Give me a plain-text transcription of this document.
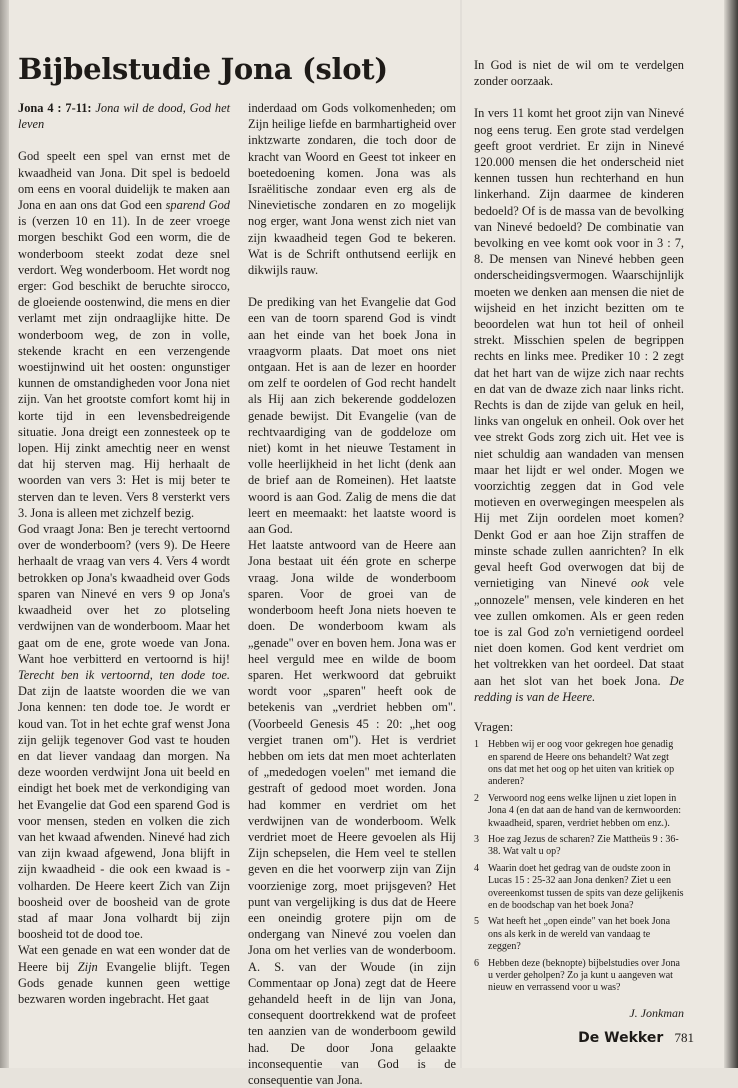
Bijbelstudie Jona (slot)

Jona 4 : 7-11: Jona wil de dood, God het leven

God speelt een spel van ernst met de kwaadheid van Jona. Dit spel is bedoeld om eens en vooral duidelijk te maken aan Jona en aan ons dat God een sparend God is (verzen 10 en 11). In de zeer vroege morgen beschikt God een worm, die de wonderboom steekt zodat deze snel verdort. Weg wonderboom. Het wordt nog erger: God beschikt de beruchte sirocco, de gloeiende oostenwind, die mens en dier verlamt met zijn ondraaglijke hitte. De wonderboom weg, de zon in volle, stekende kracht en een verzengende woestijnwind uit het oosten: ongunstiger kunnen de omstandigheden voor Jona niet zijn. Van het grootste comfort komt hij in korte tijd in een levensbedreigende situatie. Jona dreigt een zonnesteek op te lopen. Hij zinkt amechtig neer en wenst dat hij sterven mag. Hij herhaalt de woorden van vers 3: Het is mij beter te sterven dan te leven. Vers 8 versterkt vers 3. Jona is alleen met zichzelf bezig.

God vraagt Jona: Ben je terecht vertoornd over de wonderboom? (vers 9). De Heere herhaalt de vraag van vers 4. Vers 4 wordt betrokken op Jona's kwaadheid over Gods sparen van Ninevé en vers 9 op Jona's kwaadheid over het zo plotseling verdwijnen van de wonderboom. Maar het gaat om de ene, grote woede van Jona. Want hoe verbitterd en vertoornd is hij! Terecht ben ik vertoornd, ten dode toe. Dat zijn de laatste woorden die we van Jona kennen: ten dode toe. Je wordt er koud van. Tot in het echte graf wenst Jona zijn gelijk tegenover God vast te houden en dat liever vandaag dan morgen. Na deze woorden verdwijnt Jona uit beeld en eindigt het boek met de verkondiging van het Evangelie dat God een sparend God is voor mensen, steden en volken die zich van het kwaad afwenden. Ninevé had zich van zijn kwaad afgewend, Jona blijft in zijn kwaadheid - die ook een kwaad is - volharden. De Heere keert Zich van Zijn boosheid over de boosheid van de grote stad af maar Jona volhardt bij zijn boosheid tot de dood toe.

Wat een genade en wat een wonder dat de Heere bij Zijn Evangelie blijft. Tegen Gods genade kunnen geen wettige bezwaren worden ingebracht. Het gaat

inderdaad om Gods volkomenheden; om Zijn heilige liefde en barmhartigheid over inktzwarte zondaren, die toch door de kracht van Woord en Geest tot inkeer en boetedoening komen. Jona was als Israëlitische zondaar even erg als de Ninevietische zondaren en zo mogelijk nog erger, want Jona wenst zich niet van zijn kwaadheid tegen God te bekeren. Wat is de Schrift onthutsend eerlijk en dikwijls rauw.

De prediking van het Evangelie dat God een van de toorn sparend God is vindt aan het einde van het boek Jona in vraagvorm plaats. Dat moet ons niet ontgaan. Het is aan de lezer en hoorder om zelf te oordelen of God recht handelt als Hij aan zich bekerende goddelozen genade bewijst. Dit Evangelie (van de rechtvaardiging van de goddeloze om niet) komt in het nieuwe Testament in volle heerlijkheid in het licht (denk aan de brief aan de Romeinen). Het laatste woord is aan God. Zalig de mens die dat leert en meemaakt: het laatste woord is aan God.

Het laatste antwoord van de Heere aan Jona bestaat uit één grote en scherpe vraag. Jona wilde de wonderboom sparen. Voor de groei van de wonderboom heeft Jona niets hoeven te doen. De wonderboom kwam als „genade" over en boven hem. Jona was er heel verguld mee en wilde de boom sparen. Het werkwoord dat gebruikt wordt voor „sparen" heeft ook de betekenis van „verdriet hebben om". (Voorbeeld Genesis 45 : 20: „het oog vergiet tranen om"). Het is verdriet hebben om iets dat men moet achterlaten of „mededogen voelen" met iemand die gestraft of gedood moet worden. Jona had kommer en verdriet om het verdwijnen van de wonderboom. Welk verdriet moet de Heere gevoelen als Hij Zijn schepselen, die Hem veel te stellen geven en die het voorwerp zijn van Zijn voorzienige zorg, moet prijsgeven? Het punt van vergelijking is dus dat de Heere een oneindig grotere pijn om de ondergang van Ninevé zou voelen dan Jona om het verlies van de wonderboom. A. S. van der Woude (in zijn Commentaar op Jona) zegt dat de Heere gehandeld heeft in de lijn van Jona, consequent doortrekkend wat de profeet ten aanzien van de wonderboom gewild had. De door Jona gelaakte inconsequentie van God is de consequentie van Jona.

In God is niet de wil om te verdelgen zonder oorzaak.

In vers 11 komt het groot zijn van Ninevé nog eens terug. Een grote stad verdelgen geeft groot verdriet. Er zijn in Ninevé 120.000 mensen die het onderscheid niet kennen tussen hun rechterhand en hun linkerhand. Zijn daarmee de kinderen bedoeld? Of is de massa van de bevolking van Ninevé bedoeld? De combinatie van bevolking en vee komt ook voor in 3 : 7, 8. De mensen van Ninevé hebben geen onderscheidingsvermogen. Waarschijnlijk moeten we denken aan mensen die niet de wijsheid en het inzicht bezitten om te beoordelen wat hun tot heil of onheil strekt. Misschien spelen de begrippen rechts en links mee. Prediker 10 : 2 zegt dat het hart van de wijze zich naar rechts en dat van de dwaze zich naar links richt. Rechts is dan de zijde van geluk en heil, links van ongeluk en onheil. Ook over het vee strekt Gods zorg zich uit. Het vee is niet schuldig aan wandaden van mensen maar het lijdt er wel onder. Mogen we voorzichtig zeggen dat in God vele motieven en overwegingen meespelen als Hij met Zijn oordelen moet komen? Denkt God er aan hoe Zijn straffen de minste schade zullen aanrichten? In elk geval heeft God overwogen dat bij de vernietiging van Ninevé ook vele „onnozele" mensen, vele kinderen en het vee zullen omkomen. Als er geen reden toe is zal God zo'n vernietigend oordeel niet doen komen. God kent verdriet om het voltrekken van het oordeel. Dat staat aan het slot van het boek Jona. De redding is van de Heere.

Vragen:

1 Hebben wij er oog voor gekregen hoe genadig en sparend de Heere ons behandelt? Wat zegt ons dat met het oog op het uiten van kritiek op anderen?
2 Verwoord nog eens welke lijnen u ziet lopen in Jona 4 (en dat aan de hand van de kernwoorden: kwaadheid, sparen, verdriet hebben om enz.).
3 Hoe zag Jezus de scharen? Zie Mattheüs 9 : 36-38. Wat valt u op?
4 Waarin doet het gedrag van de oudste zoon in Lucas 15 : 25-32 aan Jona denken? Ziet u een overeenkomst tussen de spits van deze gelijkenis en de boodschap van het boek Jona?
5 Wat heeft het „open einde" van het boek Jona ons als kerk in de wereld van vandaag te zeggen?
6 Hebben deze (beknopte) bijbelstudies over Jona u verder geholpen? Zo ja kunt u aangeven wat nieuw en verrassend voor u was?

J. Jonkman

De Wekker 781
